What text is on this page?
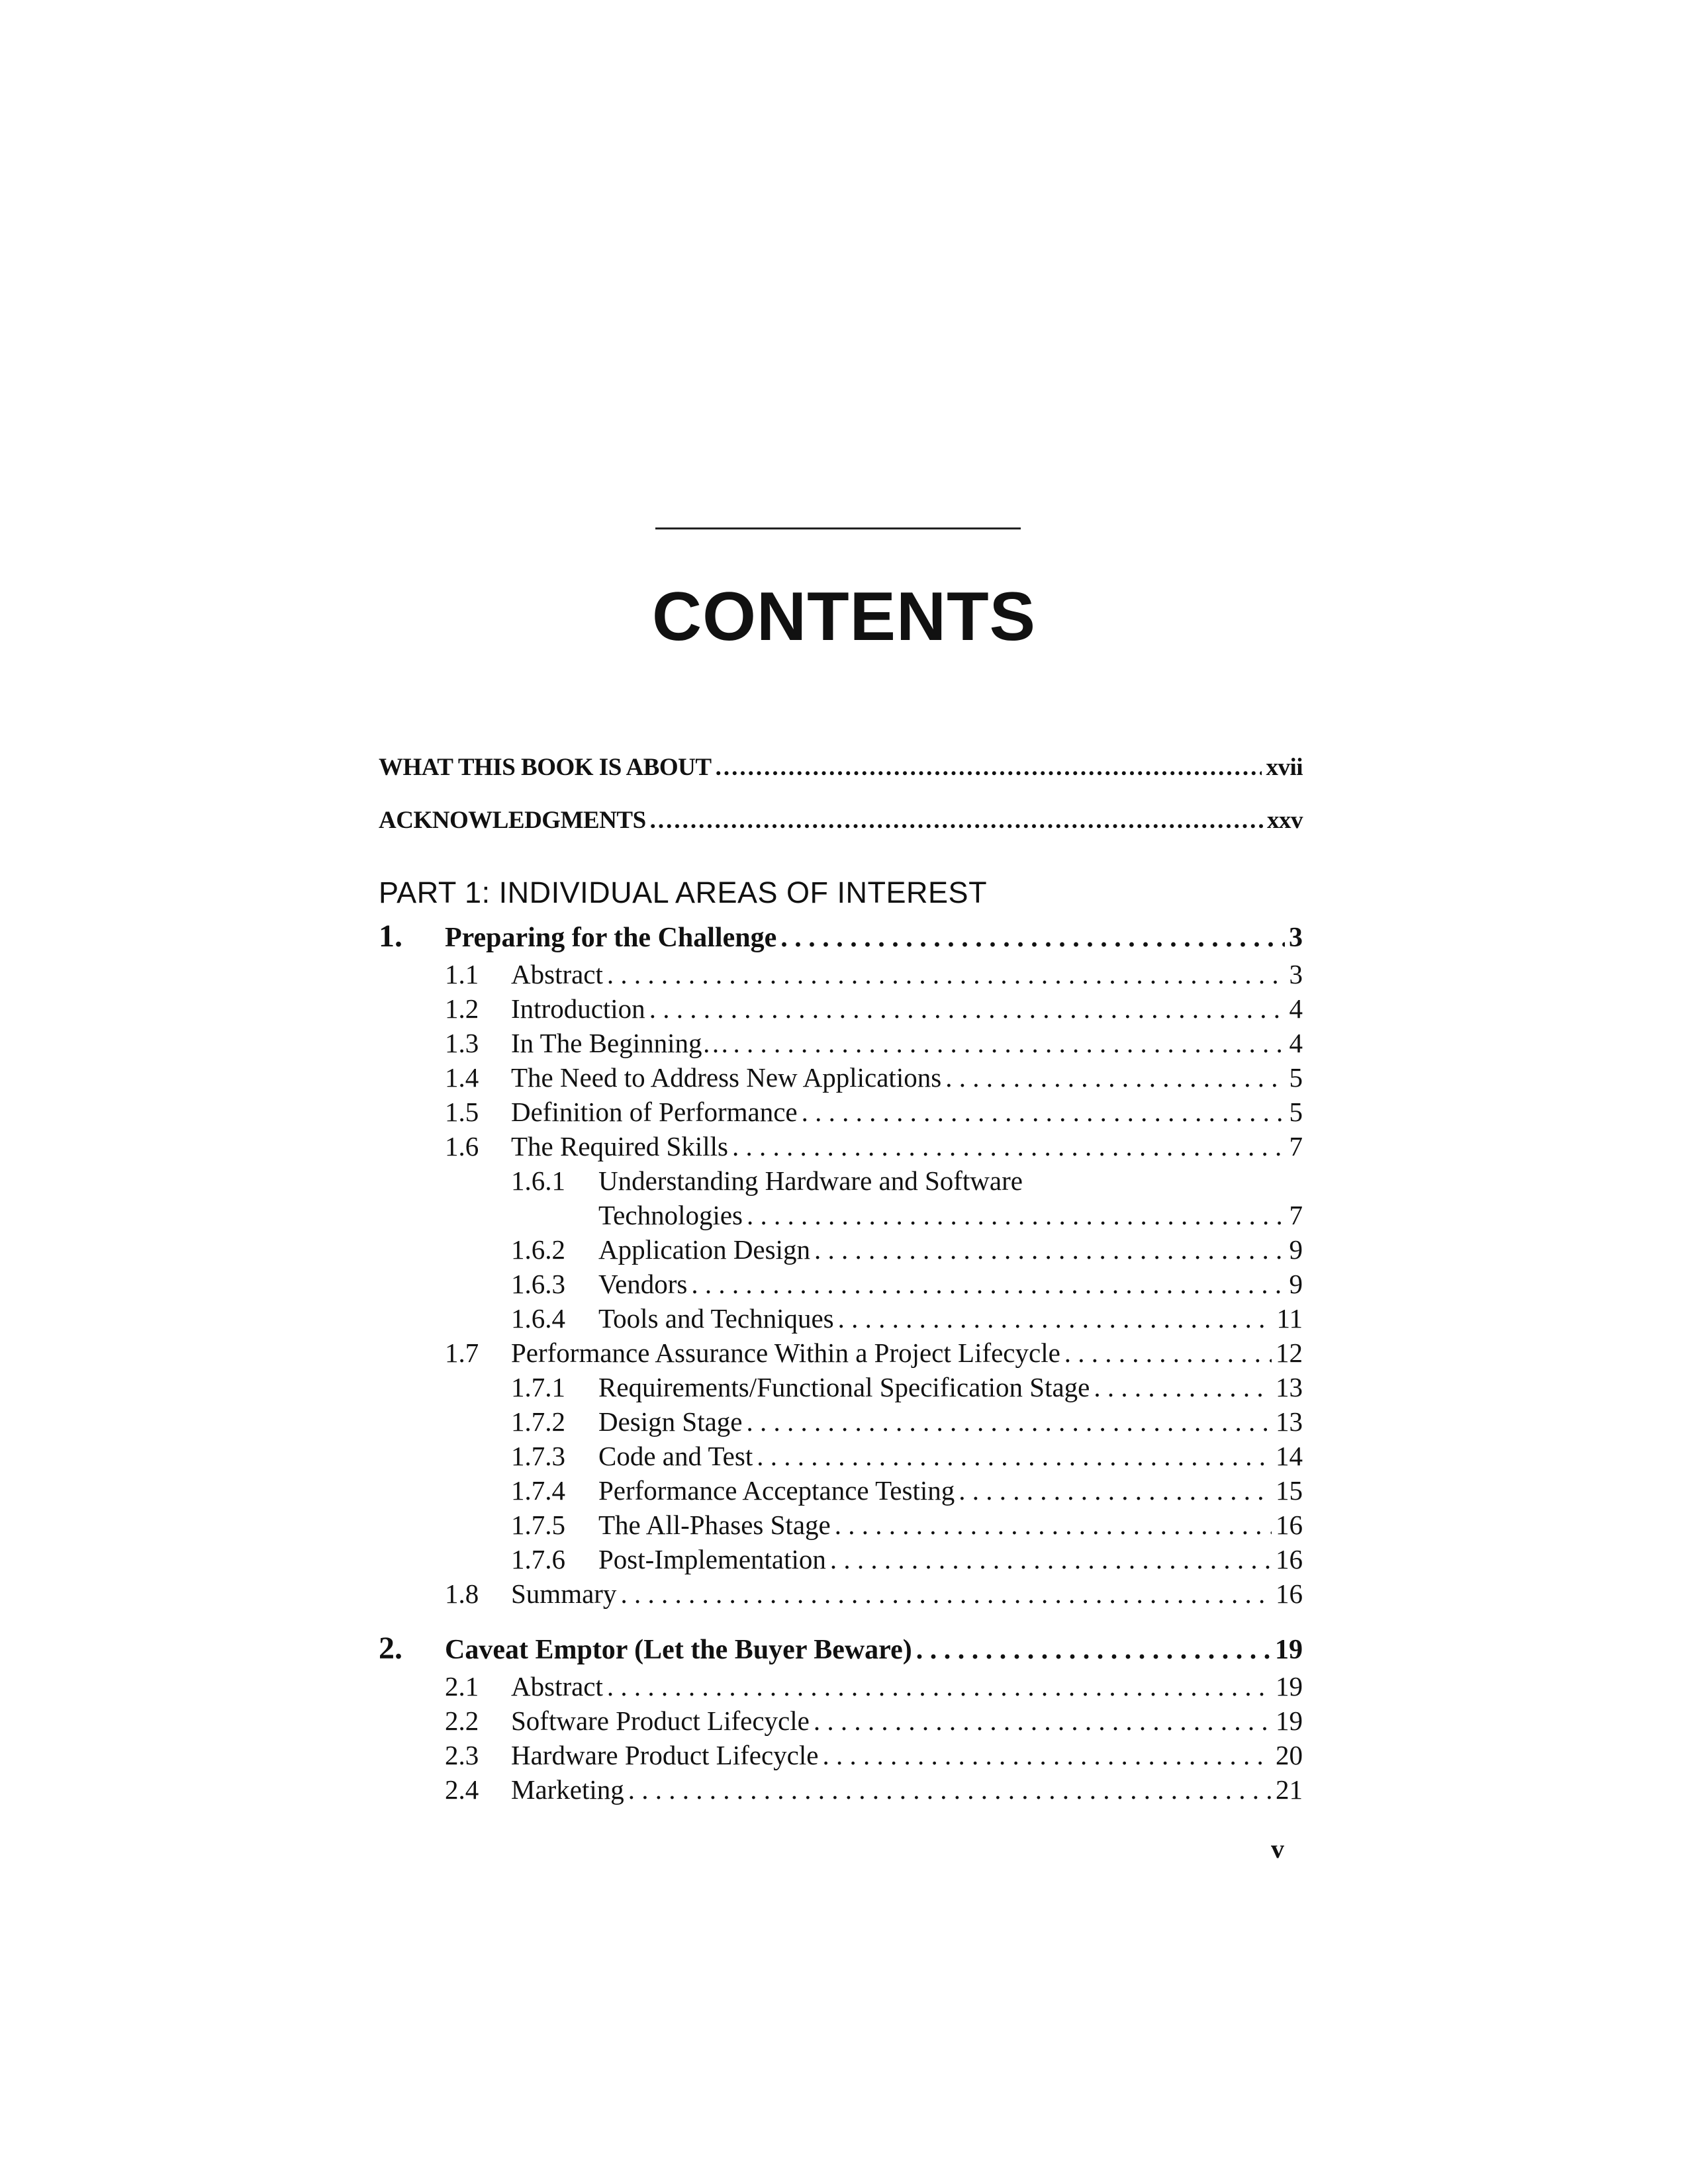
CONTENTS
WHAT THIS BOOK IS ABOUT .....	xvii
ACKNOWLEDGMENTS .....	xxv
PART 1: INDIVIDUAL AREAS OF INTEREST
1.	Preparing for the Challenge . . .	3
1.1	Abstract . . .	3
1.2	Introduction . . .	4
1.3	In The Beginning… . . .	4
1.4	The Need to Address New Applications . . .	5
1.5	Definition of Performance . . .	5
1.6	The Required Skills . . .	7
1.6.1	Understanding Hardware and Software
Technologies . . .	7
1.6.2	Application Design . . .	9
1.6.3	Vendors . . .	9
1.6.4	Tools and Techniques . . .	11
1.7	Performance Assurance Within a Project Lifecycle . . .	12
1.7.1	Requirements/Functional Specification Stage . . .	13
1.7.2	Design Stage . . .	13
1.7.3	Code and Test . . .	14
1.7.4	Performance Acceptance Testing . . .	15
1.7.5	The All-Phases Stage . . .	16
1.7.6	Post-Implementation . . .	16
1.8	Summary . . .	16
2.	Caveat Emptor (Let the Buyer Beware) . . .	19
2.1	Abstract . . .	19
2.2	Software Product Lifecycle . . .	19
2.3	Hardware Product Lifecycle . . .	20
2.4	Marketing . . .	21
v
